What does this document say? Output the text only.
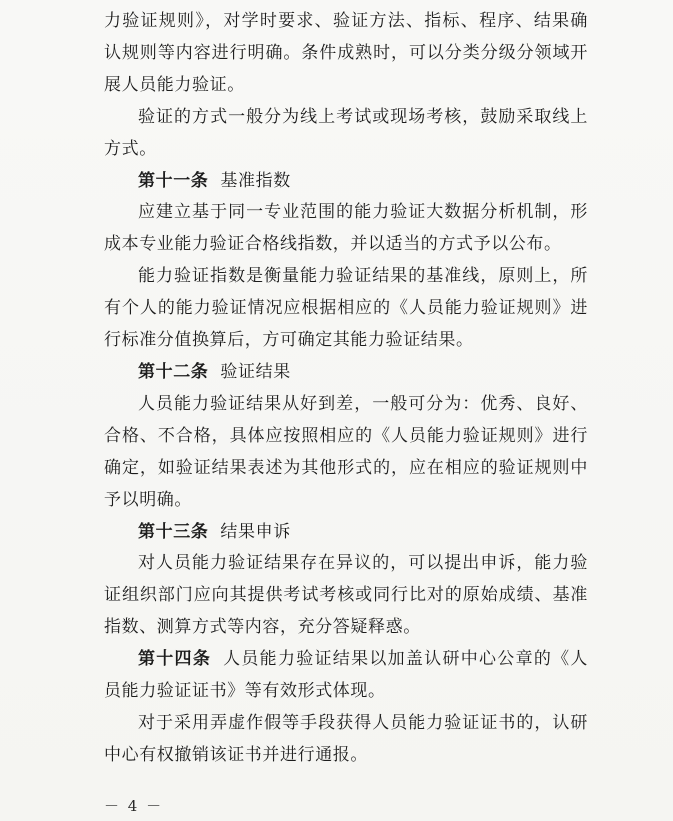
力验证规则》，对学时要求、验证方法、指标、程序、结果确认规则等内容进行明确。条件成熟时，可以分类分级分领域开展人员能力验证。

验证的方式一般分为线上考试或现场考核，鼓励采取线上方式。

第十一条 基准指数

应建立基于同一专业范围的能力验证大数据分析机制，形成本专业能力验证合格线指数，并以适当的方式予以公布。

能力验证指数是衡量能力验证结果的基准线，原则上，所有个人的能力验证情况应根据相应的《人员能力验证规则》进行标准分值换算后，方可确定其能力验证结果。

第十二条 验证结果

人员能力验证结果从好到差，一般可分为：优秀、良好、合格、不合格，具体应按照相应的《人员能力验证规则》进行确定，如验证结果表述为其他形式的，应在相应的验证规则中予以明确。

第十三条 结果申诉

对人员能力验证结果存在异议的，可以提出申诉，能力验证组织部门应向其提供考试考核或同行比对的原始成绩、基准指数、测算方式等内容，充分答疑释惑。

第十四条 人员能力验证结果以加盖认研中心公章的《人员能力验证证书》等有效形式体现。

对于采用弄虚作假等手段获得人员能力验证证书的，认研中心有权撤销该证书并进行通报。

－ 4 －
